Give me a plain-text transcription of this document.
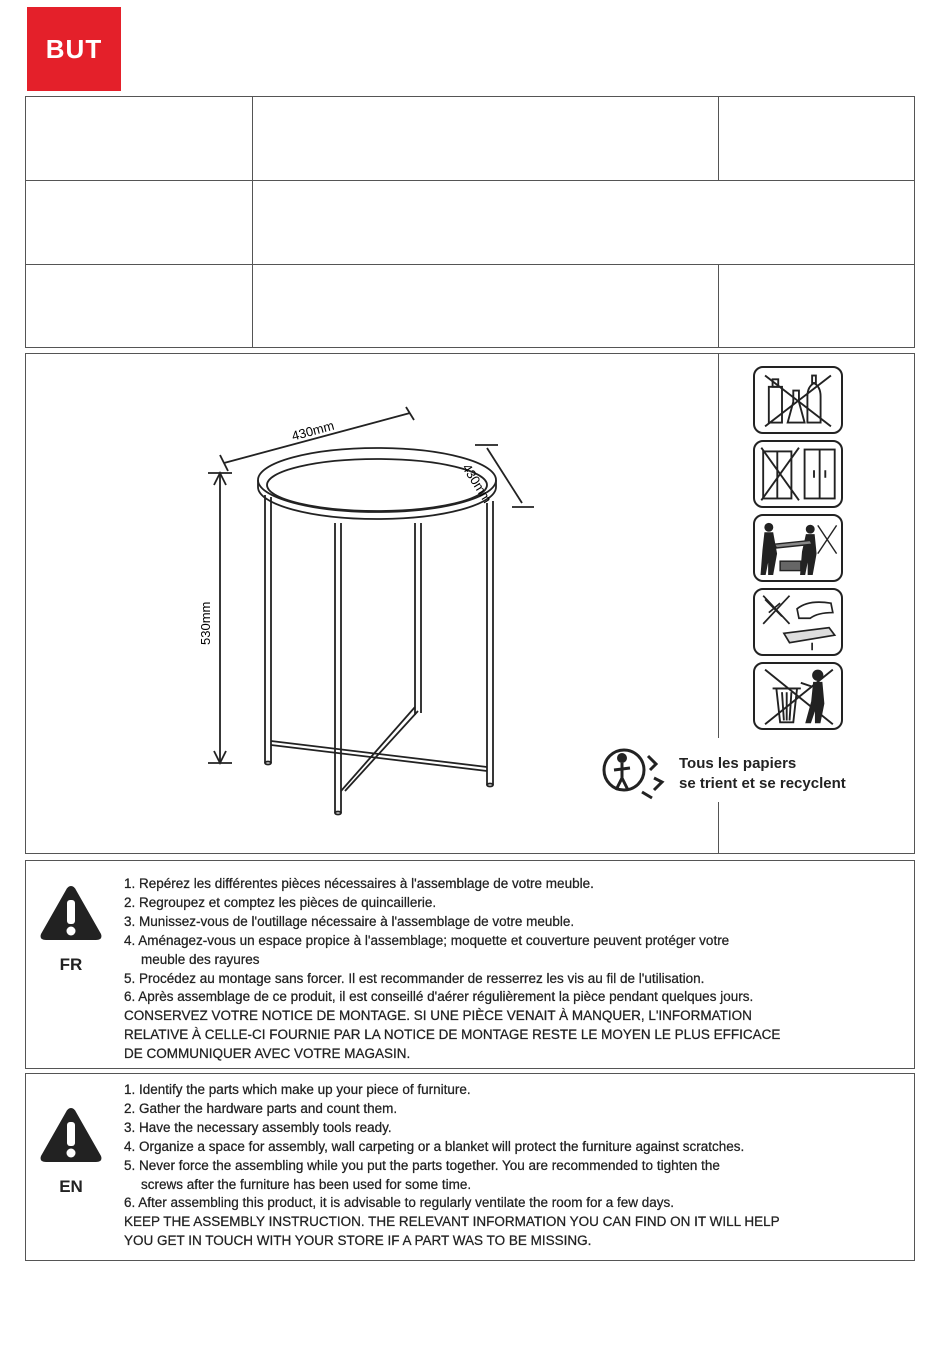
BUT
430mm
430mm
530mm
Tous les papiers
se trient et se recyclent
FR
1. Repérez les différentes pièces nécessaires à l'assemblage de votre meuble.
2. Regroupez et comptez les pièces de quincaillerie.
3. Munissez-vous de l'outillage nécessaire à l'assemblage de votre meuble.
4. Aménagez-vous un espace propice à l'assemblage; moquette et couverture peuvent protéger votre
meuble des rayures
5. Procédez au montage sans forcer. Il est recommander de resserrez les vis au fil de l'utilisation.
6. Après assemblage de ce produit, il est conseillé d'aérer régulièrement la pièce pendant quelques jours.
CONSERVEZ VOTRE NOTICE DE MONTAGE. SI UNE PIÈCE VENAIT À MANQUER, L'INFORMATION
RELATIVE À CELLE-CI FOURNIE PAR LA NOTICE DE MONTAGE RESTE LE MOYEN LE PLUS EFFICACE
DE COMMUNIQUER AVEC VOTRE MAGASIN.
EN
1. Identify the parts which make up your piece of furniture.
2. Gather the hardware parts and count them.
3. Have the necessary assembly tools ready.
4. Organize a space for assembly, wall carpeting or a blanket will protect the furniture against scratches.
5. Never force the assembling while you put the parts together. You are recommended to tighten the
screws after the furniture has been used for some time.
6. After assembling this product, it is advisable to regularly ventilate the room for a few days.
KEEP THE ASSEMBLY INSTRUCTION. THE RELEVANT INFORMATION YOU CAN FIND ON IT WILL HELP
YOU GET IN TOUCH WITH YOUR STORE IF A PART WAS TO BE MISSING.
